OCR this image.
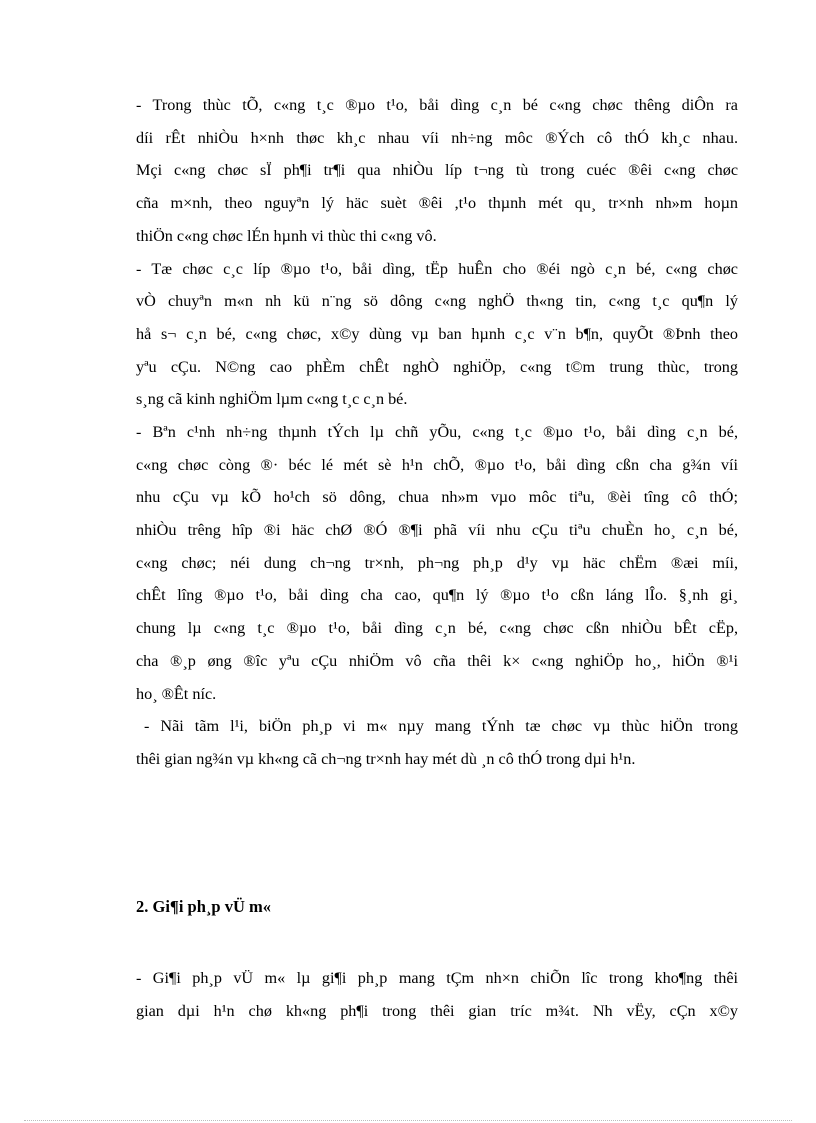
- Trong thùc tÕ, c«ng t¸c ®µo t¹o, båi dìng c¸n bé c«ng chøc thêng diÔn ra
díi rÊt nhiÒu h×nh thøc kh¸c nhau víi nh÷ng môc ®Ých cô thÓ kh¸c nhau.
Mçi c«ng chøc sÏ ph¶i tr¶i qua nhiÒu líp t¬ng tù trong cuéc ®êi c«ng chøc
cña m×nh, theo nguyªn lý häc suèt ®êi ,t¹o thµnh mét qu¸ tr×nh nh»m hoµn
thiÖn c«ng chøc lÉn hµnh vi thùc thi c«ng vô.
- Tæ chøc c¸c líp ®µo t¹o, båi dìng, tËp huÊn cho ®éi ngò c¸n bé, c«ng chøc
vÒ chuyªn m«n nh kü n¨ng sö dông c«ng nghÖ th«ng tin, c«ng t¸c qu¶n lý
hå s¬ c¸n bé, c«ng chøc, x©y dùng vµ ban hµnh c¸c v¨n b¶n, quyÕt ®Þnh theo
yªu cÇu. N©ng cao phÈm chÊt nghÒ nghiÖp, c«ng t©m trung thùc, trong
s¸ng cã kinh nghiÖm lµm c«ng t¸c c¸n bé.
- Bªn c¹nh nh÷ng thµnh tÝch lµ chñ yÕu, c«ng t¸c ®µo t¹o, båi dìng c¸n bé,
c«ng chøc còng ®· béc lé mét sè h¹n chÕ, ®µo t¹o, båi dìng cßn cha g¾n víi
nhu cÇu vµ kÕ ho¹ch sö dông, chua nh»m vµo môc tiªu, ®èi tîng cô thÓ;
nhiÒu trêng hîp ®i häc chØ ®Ó ®¶i phã víi nhu cÇu tiªu chuÈn ho¸ c¸n bé,
c«ng chøc; néi dung ch¬ng tr×nh, ph¬ng ph¸p d¹y vµ häc chËm ®æi míi,
chÊt lîng ®µo t¹o, båi dìng cha cao, qu¶n lý ®µo t¹o cßn láng lÎo. §¸nh gi¸
chung lµ c«ng t¸c ®µo t¹o, båi dìng c¸n bé, c«ng chøc cßn nhiÒu bÊt cËp,
cha ®¸p øng ®îc yªu cÇu nhiÖm vô cña thêi k× c«ng nghiÖp ho¸, hiÖn ®¹i
ho¸ ®Êt níc.
- Nãi tãm l¹i, biÖn ph¸p vi m« nµy mang tÝnh tæ chøc vµ thùc hiÖn trong
thêi gian ng¾n vµ kh«ng cã ch¬ng tr×nh hay mét dù ¸n cô thÓ trong dµi h¹n.
2. Gi¶i ph¸p vÜ m«
- Gi¶i ph¸p vÜ m« lµ gi¶i ph¸p mang tÇm nh×n chiÕn lîc trong kho¶ng thêi
gian dµi h¹n chø kh«ng ph¶i trong thêi gian tríc m¾t. Nh vËy, cÇn x©y
